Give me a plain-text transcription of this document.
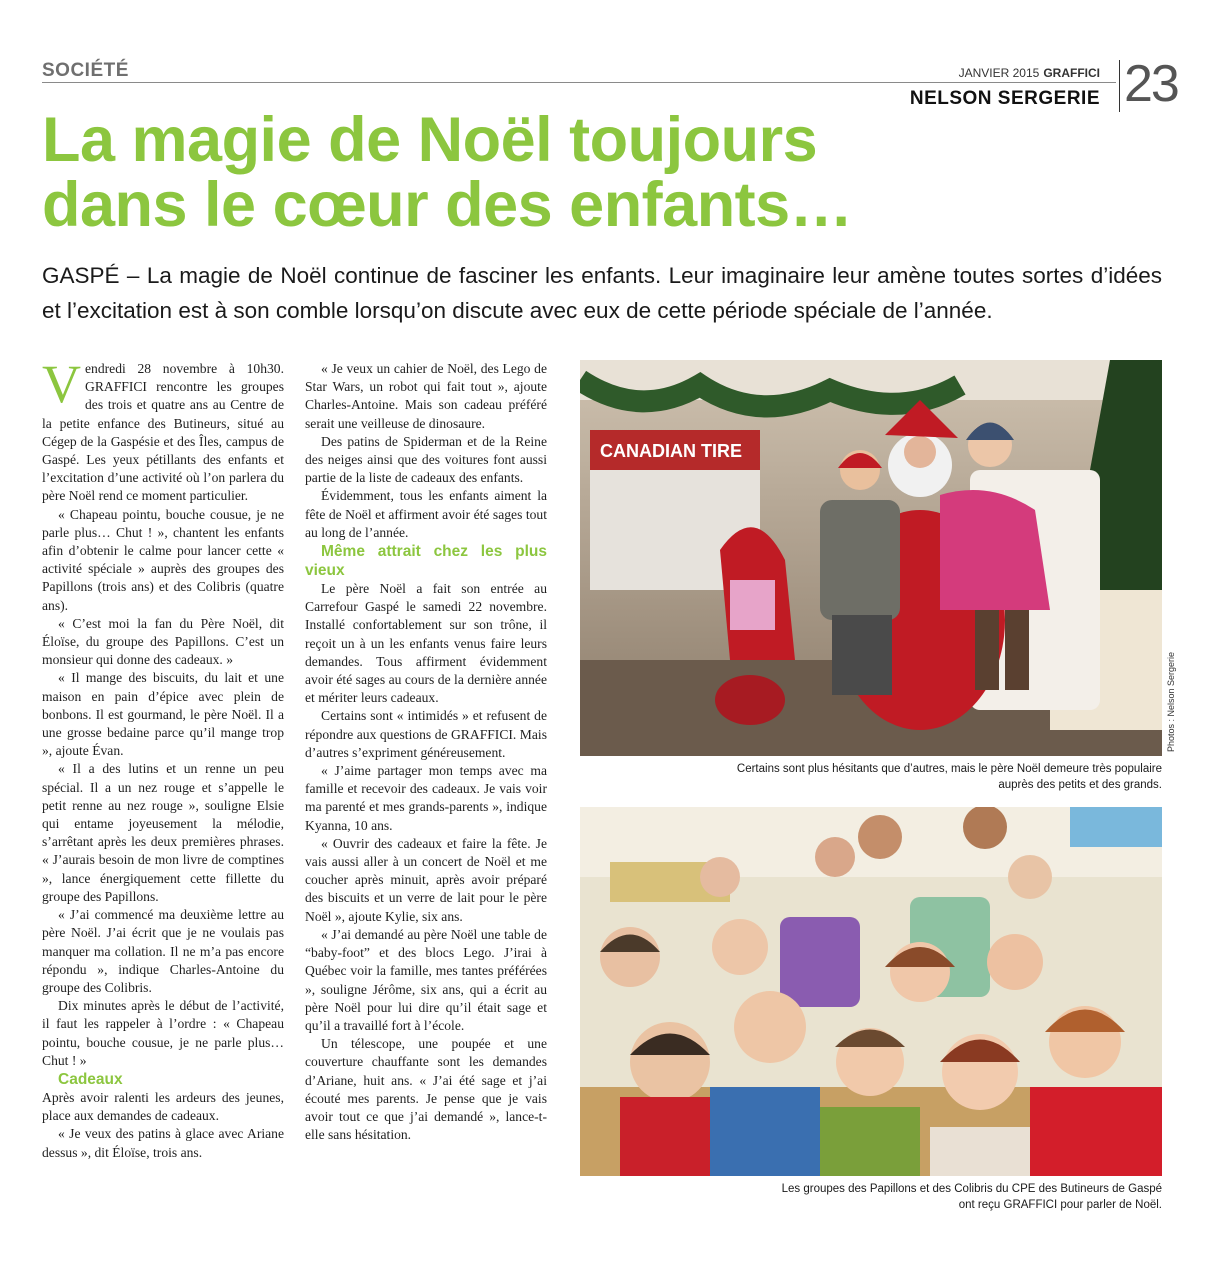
SOCIÉTÉ	JANVIER 2015 GRAFFICI
NELSON SERGERIE 23
La magie de Noël toujours
dans le cœur des enfants…
GASPÉ – La magie de Noël continue de fasciner les enfants. Leur imaginaire leur amène toutes sortes d’idées et l’excitation est à son comble lorsqu’on discute avec eux de cette période spéciale de l’année.

Vendredi 28 novembre à 10h30. GRAFFICI rencontre les groupes des trois et quatre ans au Centre de la petite enfance des Butineurs, situé au Cégep de la Gaspésie et des Îles, campus de Gaspé. Les yeux pétillants des enfants et l’excitation d’une activité où l’on parlera du père Noël rend ce moment particulier.

« Chapeau pointu, bouche cousue, je ne parle plus… Chut ! », chantent les enfants afin d’obtenir le calme pour lancer cette « activité spéciale » auprès des groupes des Papillons (trois ans) et des Colibris (quatre ans).

« C’est moi la fan du Père Noël, dit Éloïse, du groupe des Papillons. C’est un monsieur qui donne des cadeaux. »

« Il mange des biscuits, du lait et une maison en pain d’épice avec plein de bonbons. Il est gourmand, le père Noël. Il a une grosse bedaine parce qu’il mange trop », ajoute Évan.

« Il a des lutins et un renne un peu spécial. Il a un nez rouge et s’appelle le petit renne au nez rouge », souligne Elsie qui entame joyeusement la mélodie, s’arrêtant après les deux premières phrases. « J’aurais besoin de mon livre de comptines », lance énergiquement cette fillette du groupe des Papillons.

« J’ai commencé ma deuxième lettre au père Noël. J’ai écrit que je ne voulais pas manquer ma collation. Il ne m’a pas encore répondu », indique Charles-Antoine du groupe des Colibris.

Dix minutes après le début de l’activité, il faut les rappeler à l’ordre : « Chapeau pointu, bouche cousue, je ne parle plus… Chut ! »

Cadeaux

Après avoir ralenti les ardeurs des jeunes, place aux demandes de cadeaux.

« Je veux des patins à glace avec Ariane dessus », dit Éloïse, trois ans.

« Je veux un cahier de Noël, des Lego de Star Wars, un robot qui fait tout », ajoute Charles-Antoine. Mais son cadeau préféré serait une veilleuse de dinosaure.

Des patins de Spiderman et de la Reine des neiges ainsi que des voitures font aussi partie de la liste de cadeaux des enfants.

Évidemment, tous les enfants aiment la fête de Noël et affirment avoir été sages tout au long de l’année.

Même attrait chez les plus vieux

Le père Noël a fait son entrée au Carrefour Gaspé le samedi 22 novembre. Installé confortablement sur son trône, il reçoit un à un les enfants venus faire leurs demandes. Tous affirment évidemment avoir été sages au cours de la dernière année et mériter leurs cadeaux.

Certains sont « intimidés » et refusent de répondre aux questions de GRAFFICI. Mais d’autres s’expriment généreusement.

« J’aime partager mon temps avec ma famille et recevoir des cadeaux. Je vais voir ma parenté et mes grands-parents », indique Kyanna, 10 ans.

« Ouvrir des cadeaux et faire la fête. Je vais aussi aller à un concert de Noël et me coucher après minuit, après avoir préparé des biscuits et un verre de lait pour le père Noël », ajoute Kylie, six ans.

« J’ai demandé au père Noël une table de “baby-foot” et des blocs Lego. J’irai à Québec voir la famille, mes tantes préférées », souligne Jérôme, six ans, qui a écrit au père Noël pour lui dire qu’il était sage et qu’il a travaillé fort à l’école.

Un télescope, une poupée et une couverture chauffante sont les demandes d’Ariane, huit ans. « J’ai été sage et j’ai écouté mes parents. Je pense que je vais avoir tout ce que j’ai demandé », lance-t-elle sans hésitation.

CANADIAN TIRE
Photos : Nelson Sergerie
Certains sont plus hésitants que d’autres, mais le père Noël demeure très populaire
auprès des petits et des grands.
Les groupes des Papillons et des Colibris du CPE des Butineurs de Gaspé
ont reçu GRAFFICI pour parler de Noël.
